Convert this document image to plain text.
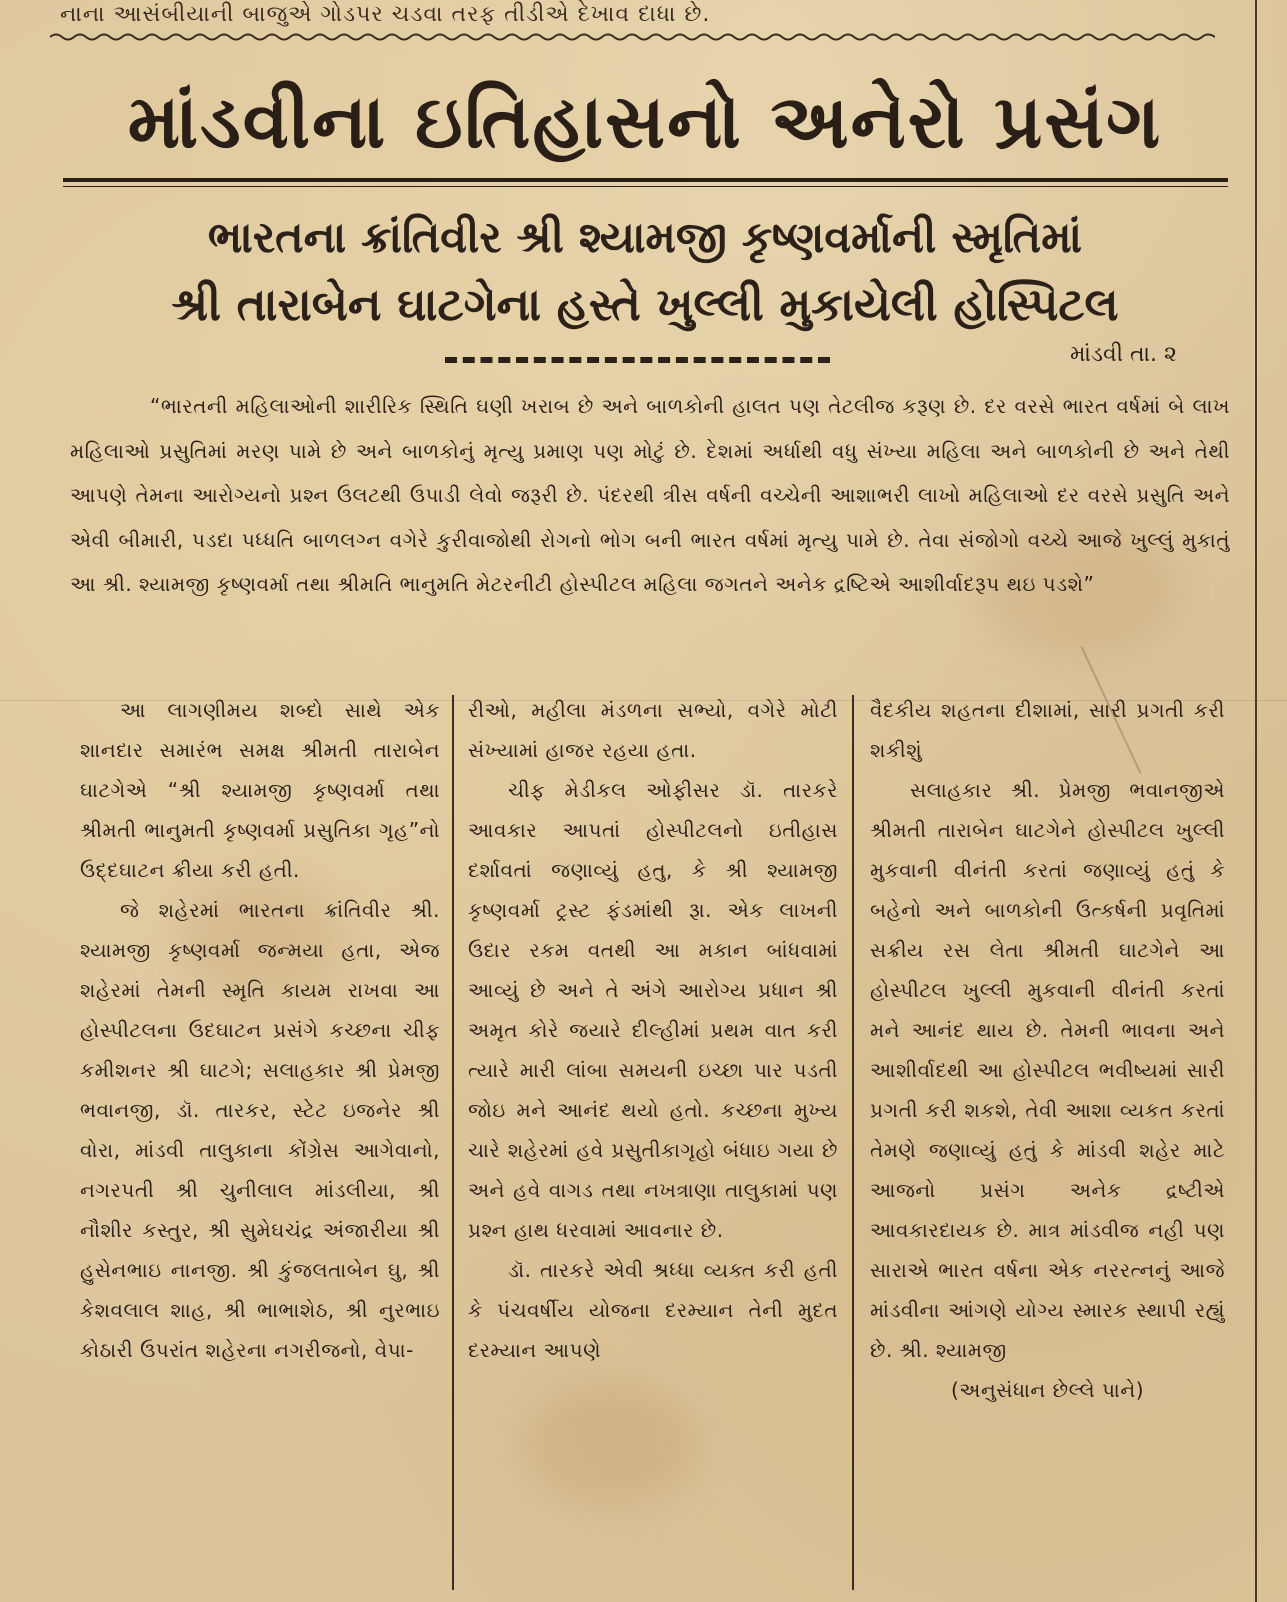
નાના આસંબીયાની બાજુએ ગોડપર ચડવા તરફ તીડીએ દેખાવ દાધા છે.
માંડવીના ઇતિહાસનો અનેરો પ્રસંગ
ભારતના ક્રાંતિવીર શ્રી શ્યામજી કૃષ્ણવર્માની સ્મૃતિમાં
શ્રી તારાબેન ઘાટગેના હસ્તે ખુલ્લી મુકાયેલી હોસ્પિટલ
માંડવી તા. ૨
“ભારતની મહિલાઓની શારીરિક સ્થિતિ ઘણી ખરાબ છે અને બાળકોની હાલત પણ તેટલીજ કરૂણ છે. દર વરસે ભારત વર્ષમાં બે લાખ મહિલાઓ પ્રસુતિમાં મરણ પામે છે અને બાળકોનું મૃત્યુ પ્રમાણ પણ મોટું છે. દેશમાં અર્ધાથી વધુ સંખ્યા મહિલા અને બાળકોની છે અને તેથી આપણે તેમના આરોગ્યનો પ્રશ્ન ઉલટથી ઉપાડી લેવો જરૂરી છે. પંદરથી ત્રીસ વર્ષની વચ્ચેની આશાભરી લાખો મહિલાઓ દર વરસે પ્રસુતિ અને એવી બીમારી, પડદા પધ્ધતિ બાળલગ્ન વગેરે કુરીવાજોથી રોગનો ભોગ બની ભારત વર્ષમાં મૃત્યુ પામે છે. તેવા સંજોગો વચ્ચે આજે ખુલ્લું મુકાતું આ શ્રી. શ્યામજી કૃષ્ણવર્મા તથા શ્રીમતિ ભાનુમતિ મેટરનીટી હોસ્પીટલ મહિલા જગતને અનેક દ્રષ્ટિએ આશીર્વાદરૂપ થઇ પડશે”

આ લાગણીમય શબ્દો સાથે એક શાનદાર સમારંભ સમક્ષ શ્રીમતી તારાબેન ઘાટગેએ “શ્રી શ્યામજી કૃષ્ણવર્મા તથા શ્રીમતી ભાનુમતી કૃષ્ણવર્મા પ્રસુતિકા ગૃહ”નો ઉદ્દઘાટન ક્રીયા કરી હતી.

જે શહેરમાં ભારતના ક્રાંતિવીર શ્રી. શ્યામજી કૃષ્ણવર્મા જન્મયા હતા, એજ શહેરમાં તેમની સ્મૃતિ કાયમ રાખવા આ હોસ્પીટલના ઉદઘાટન પ્રસંગે કચ્છના ચીફ કમીશનર શ્રી ઘાટગે; સલાહકાર શ્રી પ્રેમજી ભવાનજી, ડૉ. તારકર, સ્ટેટ ઇજનેર શ્રી વોરા, માંડવી તાલુકાના કોંગ્રેસ આગેવાનો, નગરપતી શ્રી ચુનીલાલ માંડલીયા, શ્રી નૌશીર કસ્તુર, શ્રી સુમેઘચંદ્ર અંજારીયા શ્રી હુસેનભાઇ નાનજી. શ્રી કુંજલતાબેન ઘુ, શ્રી કેશવલાલ શાહ, શ્રી ભાભાશેઠ, શ્રી નુરભાઇ કોઠારી ઉપરાંત શહેરના નગરીજનો, વેપા-

રીઓ, મહીલા મંડળના સભ્યો, વગેરે મોટી સંખ્યામાં હાજર રહયા હતા.

ચીફ મેડીકલ ઓફીસર ડૉ. તારકરે આવકાર આપતાં હોસ્પીટલનો ઇતીહાસ દર્શાવતાં જણાવ્યું હતુ, કે શ્રી શ્યામજી કૃષ્ણવર્મા ટ્રસ્ટ ફંડમાંથી રૂા. એક લાખની ઉદાર રકમ વતથી આ મકાન બાંધવામાં આવ્યું છે અને તે અંગે આરોગ્ય પ્રધાન શ્રી અમૃત કોરે જયારે દીલ્હીમાં પ્રથમ વાત કરી ત્યારે મારી લાંબા સમયની ઇચ્છા પાર પડતી જોઇ મને આનંદ થયો હતો. કચ્છના મુખ્ય ચારે શહેરમાં હવે પ્રસુતીકાગૃહો બંધાઇ ગયા છે અને હવે વાગડ તથા નખત્રાણા તાલુકામાં પણ પ્રશ્ન હાથ ધરવામાં આવનાર છે.

ડૉ. તારકરે એવી શ્રધ્ધા વ્યક્ત કરી હતી કે પંચવર્ષીય યોજના દરમ્યાન તેની મુદત દરમ્યાન આપણે

વૈદકીય શહતના દીશામાં, સારી પ્રગતી કરી શકીશું

સલાહકાર શ્રી. પ્રેમજી ભવાનજીએ શ્રીમતી તારાબેન ઘાટગેને હોસ્પીટલ ખુલ્લી મુકવાની વીનંતી કરતાં જણાવ્યું હતું કે બહેનો અને બાળકોની ઉત્કર્ષની પ્રવૃતિમાં સક્રીય રસ લેતા શ્રીમતી ઘાટગેને આ હોસ્પીટલ ખુલ્લી મુકવાની વીનંતી કરતાં મને આનંદ થાય છે. તેમની ભાવના અને આશીર્વાદથી આ હોસ્પીટલ ભવીષ્યમાં સારી પ્રગતી કરી શકશે, તેવી આશા વ્યકત કરતાં તેમણે જણાવ્યું હતું કે માંડવી શહેર માટે આજનો પ્રસંગ અનેક દ્રષ્ટીએ આવકારદાયક છે. માત્ર માંડવીજ નહી પણ સારાએ ભારત વર્ષના એક નરરત્નનું આજે માંડવીના આંગણે યોગ્ય સ્મારક સ્થાપી રહ્યું છે. શ્રી. શ્યામજી

(અનુસંધાન છેલ્લે પાને)
